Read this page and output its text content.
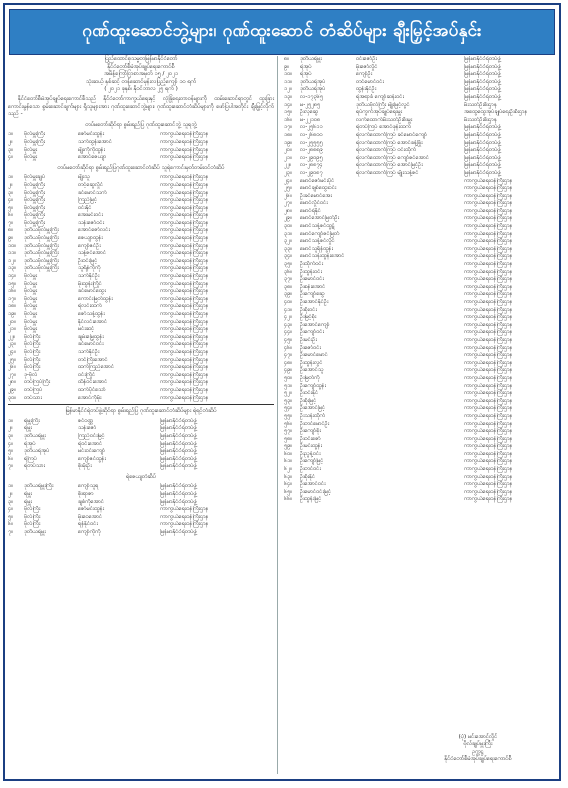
ဂုဏ်ထူးဆောင်ဘွဲ့များ၊ ဂုဏ်ထူးဆောင် တံဆိပ်များ ချီးမြှင့်အပ်နှင်း
ပြည်ထောင်စုသမ္မတမြန်မာနိုင်ငံတော်
နိုင်ငံတော်စီမံအုပ်ချုပ်ရေးကောင်စီ
အမိန့်ကြော်ငြာစာအမှတ် ၁၅ / ၂၀၂၁
သုံးဆယ့် နှစ်ဆင့် တန်ဆောင်မုန်းလပြည့်ကျော် ၁၀ ရက်
( ၂၀၂၁ ခုနှစ်၊ နိုဝင်ဘာလ ၂၅ ရက် )
နိုင်ငံတော်စီမံအုပ်ချုပ်ရေးကောင်စီသည် နိုင်ငံတော်ကာကွယ်ရေးနှင့် လုံခြုံရေးတာဝန်များကို ထမ်းဆောင်ရာတွင် ထူးခြားကောင်းမွန်သော စွမ်းဆောင်ချက်များ ရှိသူများအား ဂုဏ်ထူးဆောင်ဘွဲ့များ၊ ဂုဏ်ထူးဆောင်တံဆိပ်များကို ဖော်ပြပါအတိုင်း ချီးမြှင့်လိုက်သည် -
တပ်မတော်ဆိုင်ရာ စွမ်းရည်ပြ ဂုဏ်ထူးဆောင်ဘွဲ့ သူရဘွဲ့
၁။	ဗိုလ်မှူးကြီး	ဇော်မင်းထွန်း	ကာကွယ်ရေးဝန်ကြီးဌာန
၂။	ဗိုလ်မှူးကြီး	သက်ထွန်းအောင်	ကာကွယ်ရေးဝန်ကြီးဌာန
၃။	ဗိုလ်မှူး	မျိုးကိုကိုထွန်း	ကာကွယ်ရေးဝန်ကြီးဌာန
၄။	ဗိုလ်မှူး	အောင်ဇေယျာ	ကာကွယ်ရေးဝန်ကြီးဌာန
တပ်မတော်ဆိုင်ရာ စွမ်းရည်ပြဂုဏ်ထူးဆောင်တံဆိပ် သူရဲကောင်းမှတ်တမ်းဝင်တံဆိပ်
၁။	ဗိုလ်မှူးချုပ်	မျိုးသူ	ကာကွယ်ရေးဝန်ကြီးဌာန
၂။	ဗိုလ်မှူးကြီး	တင့်ဆွေလှိုင်	ကာကွယ်ရေးဝန်ကြီးဌာန
၃။	ဗိုလ်မှူးကြီး	ခင်မောင်သက်	ကာကွယ်ရေးဝန်ကြီးဌာန
၄။	ဗိုလ်မှူးကြီး	ကြည်မြင့်	ကာကွယ်ရေးဝန်ကြီးဌာန
၅။	ဗိုလ်မှူးကြီး	ဝင်းနိုင်	ကာကွယ်ရေးဝန်ကြီးဌာန
၆။	ဗိုလ်မှူးကြီး	အေးမင်းဝင်း	ကာကွယ်ရေးဝန်ကြီးဌာန
၇။	ဗိုလ်မှူးကြီး	သန်းဇော်ဝင်း	ကာကွယ်ရေးဝန်ကြီးဌာန
၈။	ဒုတိယဗိုလ်မှူးကြီး	အောင်ဇော်လင်း	ကာကွယ်ရေးဝန်ကြီးဌာန
၉။	ဒုတိယဗိုလ်မှူးကြီး	ဇေယျာထွန်း	ကာကွယ်ရေးဝန်ကြီးဌာန
၁၀။	ဒုတိယဗိုလ်မှူးကြီး	ကျော်ဇင်ဦး	ကာကွယ်ရေးဝန်ကြီးဌာန
၁၁။	ဒုတိယဗိုလ်မှူးကြီး	သန့်ဇင်အောင်	ကာကွယ်ရေးဝန်ကြီးဌာန
၁၂။	ဒုတိယဗိုလ်မှူးကြီး	ဦးဝင်းမြင့်	ကာကွယ်ရေးဝန်ကြီးဌာန
၁၃။	ဒုတိယဗိုလ်မှူးကြီး	သူရိန်ကိုကို	ကာကွယ်ရေးဝန်ကြီးဌာန
၁၄။	ဗိုလ်မှူး	သက်နိုင်ဦး	ကာကွယ်ရေးဝန်ကြီးဌာန
၁၅။	ဗိုလ်မှူး	မိုးထွန်းကြိုင်	ကာကွယ်ရေးဝန်ကြီးဌာန
၁၆။	ဗိုလ်မှူး	ခင်မောင်ထွေး	ကာကွယ်ရေးဝန်ကြီးဌာန
၁၇။	ဗိုလ်မှူး	ကောင်းမြတ်ထွန်း	ကာကွယ်ရေးဝန်ကြီးဌာန
၁၈။	ဗိုလ်မှူး	ရဲလင်းထက်	ကာကွယ်ရေးဝန်ကြီးဌာန
၁၉။	ဗိုလ်မှူး	ဇော်သန့်ထွန်း	ကာကွယ်ရေးဝန်ကြီးဌာန
၂၀။	ဗိုလ်မှူး	နိုင်လင်းအောင်	ကာကွယ်ရေးဝန်ကြီးဌာန
၂၁။	ဗိုလ်မှူး	မင်းဆင့်	ကာကွယ်ရေးဝန်ကြီးဌာန
၂၂။	ဗိုလ်ကြီး	ချမ်းမြေ့ထွန်း	ကာကွယ်ရေးဝန်ကြီးဌာန
၂၃။	ဗိုလ်ကြီး	ခင်မောင်ဝင်း	ကာကွယ်ရေးဝန်ကြီးဌာန
၂၄။	ဗိုလ်ကြီး	သက်နိုင်ဦး	ကာကွယ်ရေးဝန်ကြီးဌာန
၂၅။	ဗိုလ်ကြီး	တင်ကြီးအောင်	ကာကွယ်ရေးဝန်ကြီးဌာန
၂၆။	ဗိုလ်ကြီး	ထက်ကြည်အောင်	ကာကွယ်ရေးဝန်ကြီးဌာန
၂၇။	ဒု-ဗိုလ်	ဝင်းကြိုင်	ကာကွယ်ရေးဝန်ကြီးဌာန
၂၈။	တပ်ကြပ်ကြီး	ထိန်ဝင်းအောင်	ကာကွယ်ရေးဝန်ကြီးဌာန
၂၉။	တပ်ကြပ်	ထက်ပိုင်သော်	ကာကွယ်ရေးဝန်ကြီးဌာန
၃၀။	တပ်သား	အောင်ကိုမိုး	ကာကွယ်ရေးဝန်ကြီးဌာန
မြန်မာနိုင်ငံရဲတပ်ဖွဲ့ဆိုင်ရာ စွမ်းရည်ပြ ဂုဏ်ထူးဆောင်တံဆိပ်များ ရဲရင့်တံဆိပ်
၁။	ရဲမှူးကြီး	ဇင်ဝဏ္ဏ	မြန်မာနိုင်ငံရဲတပ်ဖွဲ့
၂။	ရဲမှူး	သန်းဇော်	မြန်မာနိုင်ငံရဲတပ်ဖွဲ့
၃။	ဒုတိယရဲမှူး	ကြည်ဝင်းမြင့်	မြန်မာနိုင်ငံရဲတပ်ဖွဲ့
၄။	ရဲအုပ်	ရဲဝင်းအောင်	မြန်မာနိုင်ငံရဲတပ်ဖွဲ့
၅။	ဒုတိယရဲအုပ်	မင်းဝင်းကျော်	မြန်မာနိုင်ငံရဲတပ်ဖွဲ့
၆။	ရဲကြပ်	ကျော်ဇင်ထွန်း	မြန်မာနိုင်ငံရဲတပ်ဖွဲ့
၇။	ရဲတပ်သား	စိုးမိုးဦး	မြန်မာနိုင်ငံရဲတပ်ဖွဲ့
ရဲဇေယျတံဆိပ်
၁။	ဒုတိယရဲမှူးကြီး	ကျော်သူရ	မြန်မာနိုင်ငံရဲတပ်ဖွဲ့
၂။	ရဲမှူး	စိုးရာဇာ	မြန်မာနိုင်ငံရဲတပ်ဖွဲ့
၃။	ရဲမှူး	ချစ်ကိုအောင်	မြန်မာနိုင်ငံရဲတပ်ဖွဲ့
၄။	ဗိုလ်ကြီး	ဇော်မင်းထွန်း	ကာကွယ်ရေးဝန်ကြီးဌာန
၅။	ဗိုလ်ကြီး	မိုးဝေအောင်	ကာကွယ်ရေးဝန်ကြီးဌာန
၆။	ဗိုလ်ကြီး	ရန်နိုင်ဝင်း	ကာကွယ်ရေးဝန်ကြီးဌာန
၇။	ဒုတိယရဲမှူး	ကျော်ကိုကို	မြန်မာနိုင်ငံရဲတပ်ဖွဲ့
၈။	ဒုတိယရဲမှူး	ဝင်းဇော်ဦး	မြန်မာနိုင်ငံရဲတပ်ဖွဲ့
၉။	ရဲအုပ်	မိုးဇော်လှိုင်	မြန်မာနိုင်ငံရဲတပ်ဖွဲ့
၁၀။	ရဲအုပ်	ကျော်ဦး	မြန်မာနိုင်ငံရဲတပ်ဖွဲ့
၁၁။	ဒုတိယရဲအုပ်	တင်မောင်ဝင်း	မြန်မာနိုင်ငံရဲတပ်ဖွဲ့
၁၂။	ဒုတိယရဲအုပ်	ထွန်းနိုင်ဦး	မြန်မာနိုင်ငံရဲတပ်ဖွဲ့
၁၃။	လ-၁၇၃၆၅	ရဲအရာခံ ကျော်ဆန်းဝင်း	မြန်မာနိုင်ငံရဲတပ်ဖွဲ့
၁၄။	မ-၂၅၂၈၅	ဒုတိယဗိုလ်ကြီး မျိုးမြင့်လွင်	မီးသတ်ဦးစီးဌာန
၁၅။	ဦးလှဆွေ	ရပ်ကွက်အုပ်ချုပ်ရေးမှူး	အထွေထွေအုပ်ချုပ်ရေးဦးစီးဌာန
၁၆။	မ-၂၂၁၀၈	လက်ထောက်မီးသတ်ဦးစီးမှူး	မီးသတ်ဦးစီးဌာန
၁၇။	လ-၂၅၆၁၁	ရဲတပ်ကြပ် အောင်ဖုန်းထက်	မြန်မာနိုင်ငံရဲတပ်ဖွဲ့
၁၈။	လ-၂၆၈၀၀	ရဲလက်ထောက်ကြပ် ခင်မောင်ကျော်	မြန်မာနိုင်ငံရဲတပ်ဖွဲ့
၁၉။	လ-၂၅၅၅၅	ရဲလက်ထောက်ကြပ် အောင်ခန့်ဖြိုး	မြန်မာနိုင်ငံရဲတပ်ဖွဲ့
၂၀။	လ-၂၈၈၈၉	ရဲလက်ထောက်ကြပ် ဝင်းထိုက်	မြန်မာနိုင်ငံရဲတပ်ဖွဲ့
၂၁။	လ-၂၉၀၉၅	ရဲလက်ထောက်ကြပ် ကျော်ဇင်အောင်	မြန်မာနိုင်ငံရဲတပ်ဖွဲ့
၂၂။	လ-၂၈၈၇၄	ရဲလက်ထောက်ကြပ် အောင်မြင့်ဦး	မြန်မာနိုင်ငံရဲတပ်ဖွဲ့
၂၃။	လ-၂၉၀၈၇	ရဲလက်ထောက်ကြပ် မျိုးသန့်ဇင်	မြန်မာနိုင်ငံရဲတပ်ဖွဲ့
၂၄။	မောင်ဇော်မင်းပိုင်	ကာကွယ်ရေးဝန်ကြီးဌာန
၂၅။	မောင်ချစ်ထွေးဝင်း	ကာကွယ်ရေးဝန်ကြီးဌာန
၂၆။	ဦးခင်မောင်အေး	ကာကွယ်ရေးဝန်ကြီးဌာန
၂၇။	မောင်လှိုင်ဝင်း	ကာကွယ်ရေးဝန်ကြီးဌာန
၂၈။	မောင်ရဲနိုင်	ကာကွယ်ရေးဝန်ကြီးဌာန
၂၉။	မောင်အောင်မြတ်ဦး	ကာကွယ်ရေးဝန်ကြီးဌာန
၃၀။	မောင်သန့်ဇင်ထွဋ်	ကာကွယ်ရေးဝန်ကြီးဌာန
၃၁။	မောင်ကျော်ဇင်မြတ်	ကာကွယ်ရေးဝန်ကြီးဌာန
၃၂။	မောင်သန့်ဇင်လှိုင်	ကာကွယ်ရေးဝန်ကြီးဌာန
၃၃။	မောင်သူရိန်ထွန်း	ကာကွယ်ရေးဝန်ကြီးဌာန
၃၄။	မောင်သန်းထွန်းအောင်	ကာကွယ်ရေးဝန်ကြီးဌာန
၃၅။	ဦးထိုက်ဝင်း	ကာကွယ်ရေးဝန်ကြီးဌာန
၃၆။	ဦးထွန်းဝင်း	ကာကွယ်ရေးဝန်ကြီးဌာန
၃၇။	ဦးမောင်ဝင်း	ကာကွယ်ရေးဝန်ကြီးဌာန
၃၈။	ဦးစန်းအောင်	ကာကွယ်ရေးဝန်ကြီးဌာန
၃၉။	ဦးကျော်ဆွေ	ကာကွယ်ရေးဝန်ကြီးဌာန
၄၀။	ဦးအောင်နိုင်ဦး	ကာကွယ်ရေးဝန်ကြီးဌာန
၄၁။	ဦးစိုးဝင်း	ကာကွယ်ရေးဝန်ကြီးဌာန
၄၂။	ဦးမြင့်စိုး	ကာကွယ်ရေးဝန်ကြီးဌာန
၄၃။	ဦးအောင်ကျော်	ကာကွယ်ရေးဝန်ကြီးဌာန
၄၄။	ဦးကျော်ဝင်း	ကာကွယ်ရေးဝန်ကြီးဌာန
၄၅။	ဦးမင်းဦး	ကာကွယ်ရေးဝန်ကြီးဌာန
၄၆။	ဦးဇော်ဝင်း	ကာကွယ်ရေးဝန်ကြီးဌာန
၄၇။	ဦးမောင်မောင်	ကာကွယ်ရေးဝန်ကြီးဌာန
၄၈။	ဦးထွန်းလွင်	ကာကွယ်ရေးဝန်ကြီးဌာန
၄၉။	ဦးအောင်သူ	ကာကွယ်ရေးဝန်ကြီးဌာန
၅၀။	ဦးမြတ်ကို	ကာကွယ်ရေးဝန်ကြီးဌာန
၅၁။	ဦးကျော်ထွန်း	ကာကွယ်ရေးဝန်ကြီးဌာန
၅၂။	ဦးဝင်းနိုင်	ကာကွယ်ရေးဝန်ကြီးဌာန
၅၃။	ဦးစိုးမြင့်	ကာကွယ်ရေးဝန်ကြီးဌာန
၅၄။	ဦးအောင်မြင့်	ကာကွယ်ရေးဝန်ကြီးဌာန
၅၅။	ဦးသန်းထိုက်	ကာကွယ်ရေးဝန်ကြီးဌာန
၅၆။	ဦးတင်မောင်ဦး	ကာကွယ်ရေးဝန်ကြီးဌာန
၅၇။	ဦးကျော်စိုး	ကာကွယ်ရေးဝန်ကြီးဌာန
၅၈။	ဦးဝင်းဇော်	ကာကွယ်ရေးဝန်ကြီးဌာန
၅၉။	ဦးမင်းထွန်း	ကာကွယ်ရေးဝန်ကြီးဌာန
၆၀။	ဦးညွန့်ဝင်း	ကာကွယ်ရေးဝန်ကြီးဌာန
၆၁။	ဦးကျော်မြင့်	ကာကွယ်ရေးဝန်ကြီးဌာန
၆၂။	ဦးတင်ဝင်း	ကာကွယ်ရေးဝန်ကြီးဌာန
၆၃။	ဦးစိုးနိုင်	ကာကွယ်ရေးဝန်ကြီးဌာန
၆၄။	ဦးအောင်ဝင်း	ကာကွယ်ရေးဝန်ကြီးဌာန
၆၅။	ဦးမောင်ဝင်းမြင့်	ကာကွယ်ရေးဝန်ကြီးဌာန
၆၆။	ဦးထွန်းမြင့်	ကာကွယ်ရေးဝန်ကြီးဌာန
(ပုံ) မင်းအောင်လှိုင်
ဗိုလ်ချုပ်မှူးကြီး
ဥက္ကဋ္ဌ
နိုင်ငံတော်စီမံအုပ်ချုပ်ရေးကောင်စီ
